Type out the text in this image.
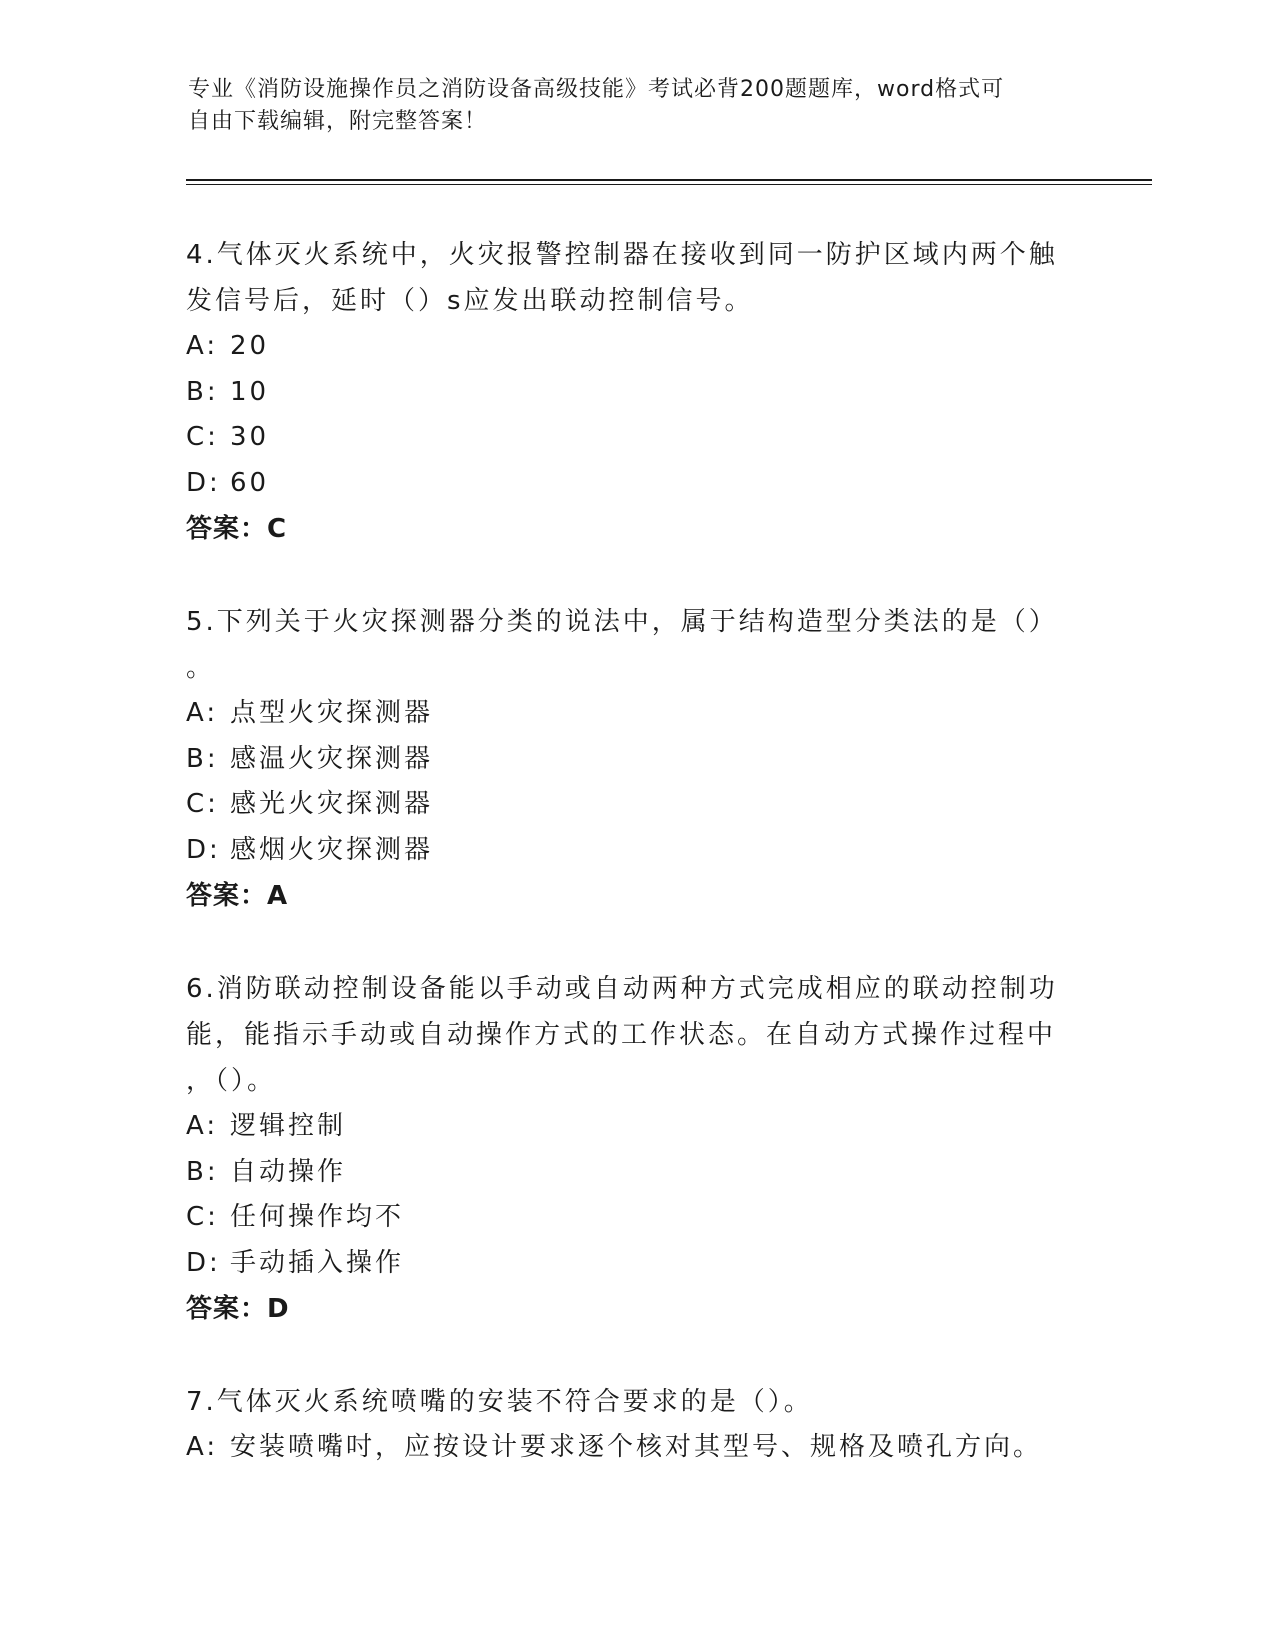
专业《消防设施操作员之消防设备高级技能》考试必背200题题库，word格式可
自由下载编辑，附完整答案！
4.气体灭火系统中，火灾报警控制器在接收到同一防护区域内两个触
发信号后，延时（）s应发出联动控制信号。
A: 20
B: 10
C: 30
D: 60
答案：C
5.下列关于火灾探测器分类的说法中，属于结构造型分类法的是（）
。
A: 点型火灾探测器
B: 感温火灾探测器
C: 感光火灾探测器
D: 感烟火灾探测器
答案：A
6.消防联动控制设备能以手动或自动两种方式完成相应的联动控制功
能，能指示手动或自动操作方式的工作状态。在自动方式操作过程中
，（）。
A: 逻辑控制
B: 自动操作
C: 任何操作均不
D: 手动插入操作
答案：D
7.气体灭火系统喷嘴的安装不符合要求的是（）。
A: 安装喷嘴吋，应按设计要求逐个核对其型号、规格及喷孔方向。
